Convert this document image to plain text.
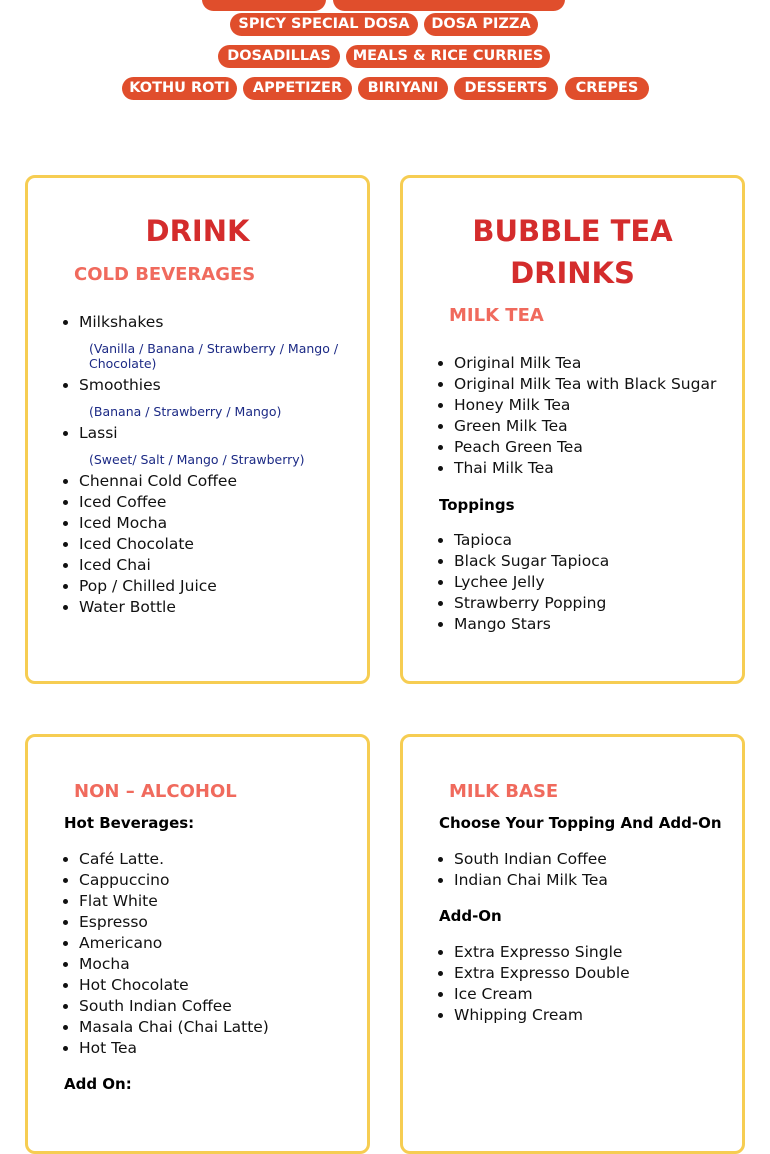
SPICY SPECIAL DOSA	DOSA PIZZA
DOSADILLAS	MEALS & RICE CURRIES
KOTHU ROTI	APPETIZER	BIRIYANI	DESSERTS	CREPES
DRINK
COLD BEVERAGES
• Milkshakes
(Vanilla / Banana / Strawberry / Mango / Chocolate)
• Smoothies
(Banana / Strawberry / Mango)
• Lassi
(Sweet/ Salt / Mango / Strawberry)
• Chennai Cold Coffee
• Iced Coffee
• Iced Mocha
• Iced Chocolate
• Iced Chai
• Pop / Chilled Juice
• Water Bottle
BUBBLE TEA
DRINKS
MILK TEA
• Original Milk Tea
• Original Milk Tea with Black Sugar
• Honey Milk Tea
• Green Milk Tea
• Peach Green Tea
• Thai Milk Tea
Toppings
• Tapioca
• Black Sugar Tapioca
• Lychee Jelly
• Strawberry Popping
• Mango Stars
NON – ALCOHOL
Hot Beverages:
• Café Latte.
• Cappuccino
• Flat White
• Espresso
• Americano
• Mocha
• Hot Chocolate
• South Indian Coffee
• Masala Chai (Chai Latte)
• Hot Tea
Add On:
MILK BASE
Choose Your Topping And Add-On
• South Indian Coffee
• Indian Chai Milk Tea
Add-On
• Extra Expresso Single
• Extra Expresso Double
• Ice Cream
• Whipping Cream
